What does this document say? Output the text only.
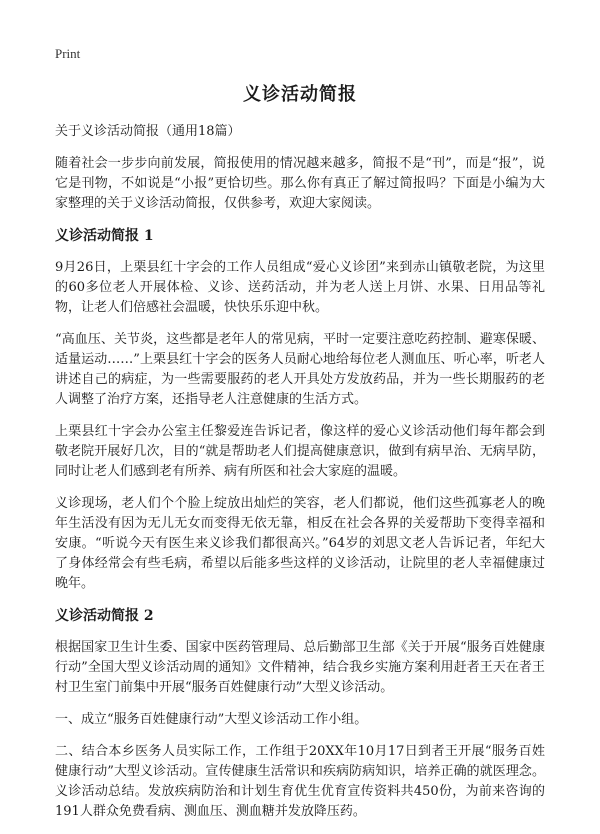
Print
义诊活动简报

关于义诊活动简报（通用18篇）

随着社会一步步向前发展，简报使用的情况越来越多，简报不是“刊”，而是“报”，说它是刊物，不如说是“小报”更恰切些。那么你有真正了解过简报吗？下面是小编为大家整理的关于义诊活动简报，仅供参考，欢迎大家阅读。

义诊活动简报 1

9月26日，上栗县红十字会的工作人员组成“爱心义诊团”来到赤山镇敬老院，为这里的60多位老人开展体检、义诊、送药活动，并为老人送上月饼、水果、日用品等礼物，让老人们倍感社会温暖，快快乐乐迎中秋。

“高血压、关节炎，这些都是老年人的常见病，平时一定要注意吃药控制、避寒保暖、适量运动……”上栗县红十字会的医务人员耐心地给每位老人测血压、听心率，听老人讲述自己的病症，为一些需要服药的老人开具处方发放药品，并为一些长期服药的老人调整了治疗方案，还指导老人注意健康的生活方式。

上栗县红十字会办公室主任黎爱连告诉记者，像这样的爱心义诊活动他们每年都会到敬老院开展好几次，目的“就是帮助老人们提高健康意识，做到有病早治、无病早防，同时让老人们感到老有所养、病有所医和社会大家庭的温暖。

义诊现场，老人们个个脸上绽放出灿烂的笑容，老人们都说，他们这些孤寡老人的晚年生活没有因为无儿无女而变得无依无靠，相反在社会各界的关爱帮助下变得幸福和安康。“听说今天有医生来义诊我们都很高兴。”64岁的刘思文老人告诉记者，年纪大了身体经常会有些毛病，希望以后能多些这样的义诊活动，让院里的老人幸福健康过晚年。

义诊活动简报 2

根据国家卫生计生委、国家中医药管理局、总后勤部卫生部《关于开展“服务百姓健康行动”全国大型义诊活动周的通知》文件精神，结合我乡实施方案利用赶者王天在者王村卫生室门前集中开展“服务百姓健康行动”大型义诊活动。

一、成立“服务百姓健康行动”大型义诊活动工作小组。

二、结合本乡医务人员实际工作，工作组于20XX年10月17日到者王开展“服务百姓健康行动”大型义诊活动。宣传健康生活常识和疾病防病知识，培养正确的就医理念。义诊活动总结。发放疾病防治和计划生育优生优育宣传资料共450份，为前来咨询的191人群众免费看病、测血压、测血糖并发放降压药。
